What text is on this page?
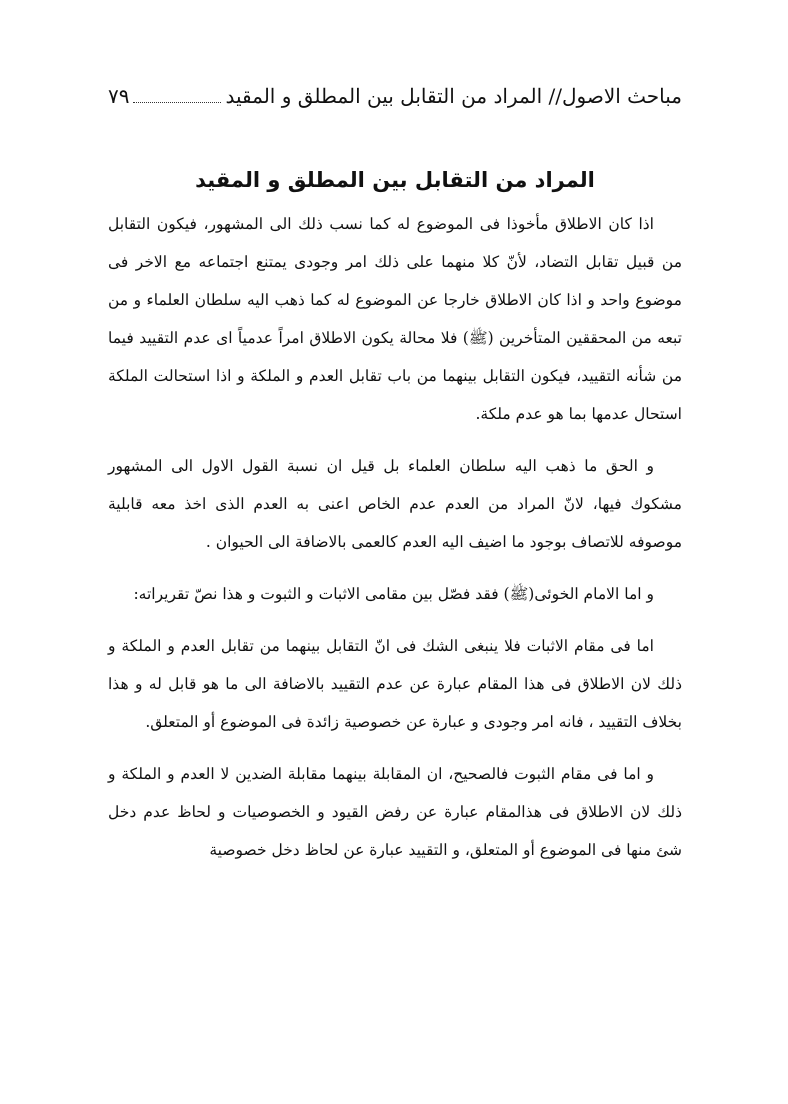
مباحث الاصول// المراد من التقابل بين المطلق و المقيد
٧٩
المراد من التقابل بين المطلق و المقيد

اذا كان الاطلاق مأخوذا فى الموضوع له كما نسب ذلك الى المشهور، فيكون التقابل من قبيل تقابل التضاد، لأنّ كلا منهما على ذلك امر وجودى يمتنع اجتماعه مع الاخر فى موضوع واحد و اذا كان الاطلاق خارجا عن الموضوع له كما ذهب اليه سلطان العلماء و من تبعه من المحققين المتأخرين (ﷺ) فلا محالة يكون الاطلاق امراً عدمياً اى عدم التقييد فيما من شأنه التقييد، فيكون التقابل بينهما من باب تقابل العدم و الملكة و اذا استحالت الملكة استحال عدمها بما هو عدم ملكة.

و الحق ما ذهب اليه سلطان العلماء بل قيل ان نسبة القول الاول الى المشهور مشكوك فيها، لانّ المراد من العدم عدم الخاص اعنى به العدم الذى اخذ معه قابلية موصوفه للاتصاف بوجود ما اضيف اليه العدم كالعمى بالاضافة الى الحيوان .

و اما الامام الخوئى(ﷺ) فقد فصّل بين مقامى الاثبات و الثبوت و هذا نصّ تقريراته:

اما فى مقام الاثبات فلا ينبغى الشك فى انّ التقابل بينهما من تقابل العدم و الملكة و ذلك لان الاطلاق فى هذا المقام عبارة عن عدم التقييد بالاضافة الى ما هو قابل له و هذا بخلاف التقييد ، فانه امر وجودى و عبارة عن خصوصية زائدة فى الموضوع أو المتعلق.

و اما فى مقام الثبوت فالصحيح، ان المقابلة بينهما مقابلة الضدين لا العدم و الملكة و ذلك لان الاطلاق فى هذالمقام عبارة عن رفض القيود و الخصوصيات و لحاظ عدم دخل شئ منها فى الموضوع أو المتعلق، و التقييد عبارة عن لحاظ دخل خصوصية
